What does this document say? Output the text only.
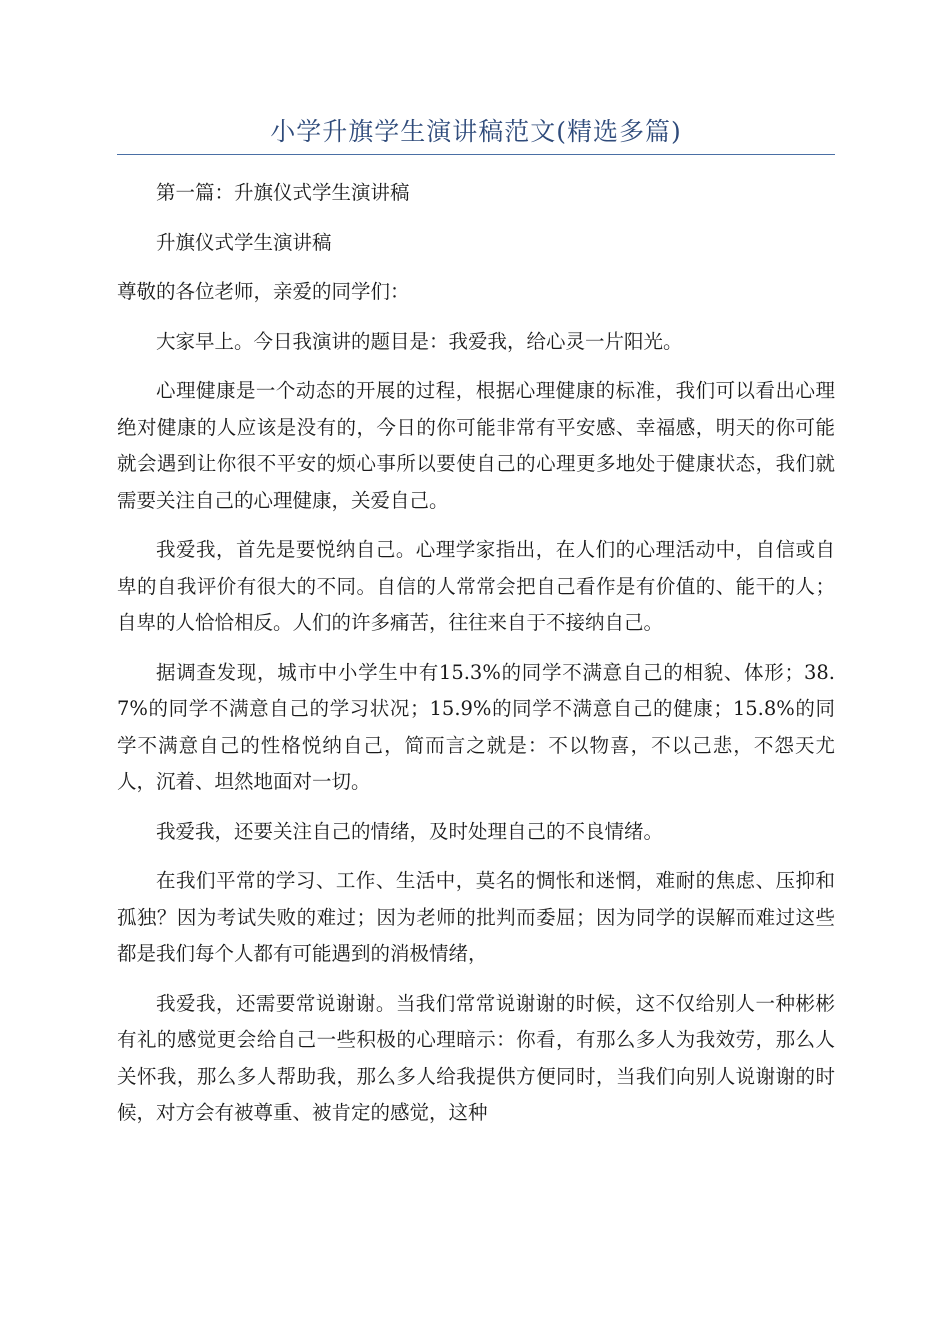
小学升旗学生演讲稿范文(精选多篇)

第一篇：升旗仪式学生演讲稿

升旗仪式学生演讲稿

尊敬的各位老师，亲爱的同学们：

大家早上。今日我演讲的题目是：我爱我，给心灵一片阳光。

心理健康是一个动态的开展的过程，根据心理健康的标准，我们可以看出心理绝对健康的人应该是没有的，今日的你可能非常有平安感、幸福感，明天的你可能就会遇到让你很不平安的烦心事所以要使自己的心理更多地处于健康状态，我们就需要关注自己的心理健康，关爱自己。

我爱我，首先是要悦纳自己。心理学家指出，在人们的心理活动中，自信或自卑的自我评价有很大的不同。自信的人常常会把自己看作是有价值的、能干的人；自卑的人恰恰相反。人们的许多痛苦，往往来自于不接纳自己。

据调查发现，城市中小学生中有15.3%的同学不满意自己的相貌、体形；38.7%的同学不满意自己的学习状况；15.9%的同学不满意自己的健康；15.8%的同学不满意自己的性格悦纳自己，简而言之就是：不以物喜，不以己悲，不怨天尤人，沉着、坦然地面对一切。

我爱我，还要关注自己的情绪，及时处理自己的不良情绪。

在我们平常的学习、工作、生活中，莫名的惆怅和迷惘，难耐的焦虑、压抑和孤独？因为考试失败的难过；因为老师的批判而委屈；因为同学的误解而难过这些都是我们每个人都有可能遇到的消极情绪，

我爱我，还需要常说谢谢。当我们常常说谢谢的时候，这不仅给别人一种彬彬有礼的感觉更会给自己一些积极的心理暗示：你看，有那么多人为我效劳，那么人关怀我，那么多人帮助我，那么多人给我提供方便同时，当我们向别人说谢谢的时候，对方会有被尊重、被肯定的感觉，这种
